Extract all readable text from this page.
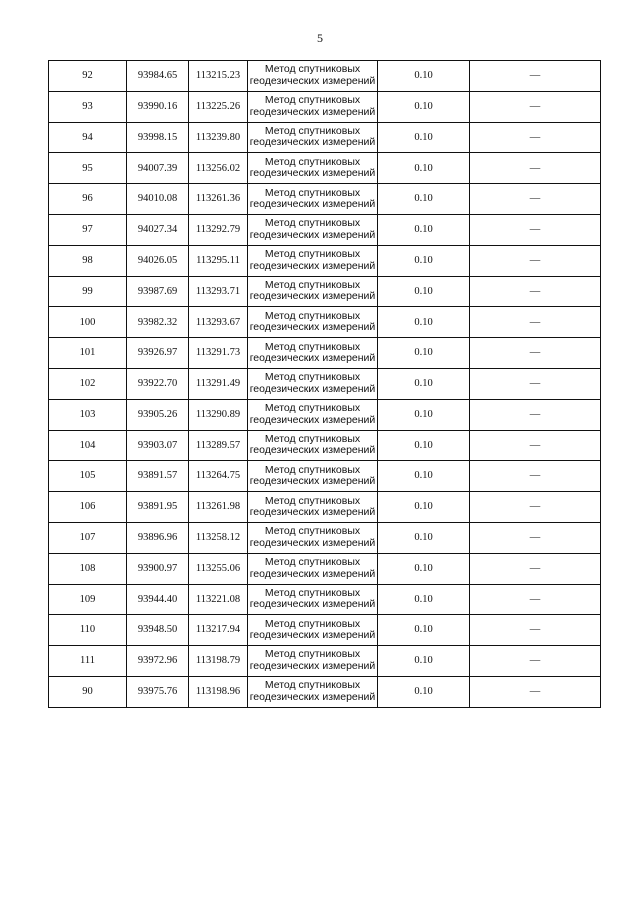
5
92	93984.65	113215.23	Метод спутниковых геодезических измерений	0.10	—
93	93990.16	113225.26	Метод спутниковых геодезических измерений	0.10	—
94	93998.15	113239.80	Метод спутниковых геодезических измерений	0.10	—
95	94007.39	113256.02	Метод спутниковых геодезических измерений	0.10	—
96	94010.08	113261.36	Метод спутниковых геодезических измерений	0.10	—
97	94027.34	113292.79	Метод спутниковых геодезических измерений	0.10	—
98	94026.05	113295.11	Метод спутниковых геодезических измерений	0.10	—
99	93987.69	113293.71	Метод спутниковых геодезических измерений	0.10	—
100	93982.32	113293.67	Метод спутниковых геодезических измерений	0.10	—
101	93926.97	113291.73	Метод спутниковых геодезических измерений	0.10	—
102	93922.70	113291.49	Метод спутниковых геодезических измерений	0.10	—
103	93905.26	113290.89	Метод спутниковых геодезических измерений	0.10	—
104	93903.07	113289.57	Метод спутниковых геодезических измерений	0.10	—
105	93891.57	113264.75	Метод спутниковых геодезических измерений	0.10	—
106	93891.95	113261.98	Метод спутниковых геодезических измерений	0.10	—
107	93896.96	113258.12	Метод спутниковых геодезических измерений	0.10	—
108	93900.97	113255.06	Метод спутниковых геодезических измерений	0.10	—
109	93944.40	113221.08	Метод спутниковых геодезических измерений	0.10	—
110	93948.50	113217.94	Метод спутниковых геодезических измерений	0.10	—
111	93972.96	113198.79	Метод спутниковых геодезических измерений	0.10	—
90	93975.76	113198.96	Метод спутниковых геодезических измерений	0.10	—
